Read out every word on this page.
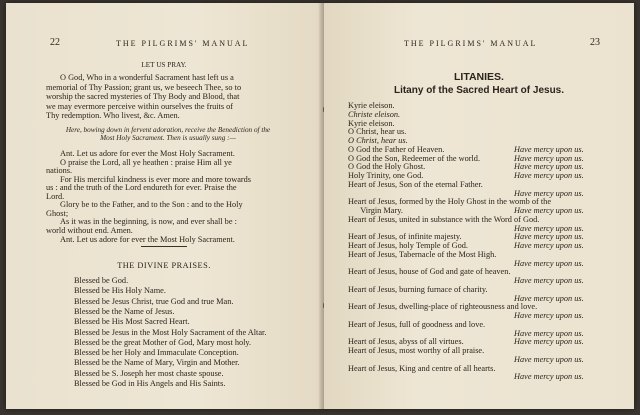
22	THE PILGRIMS' MANUAL
LET US PRAY.
O God, Who in a wonderful Sacrament hast left us a
memorial of Thy Passion; grant us, we beseech Thee, so to
worship the sacred mysteries of Thy Body and Blood, that
we may evermore perceive within ourselves the fruits of
Thy redemption. Who livest, &c. Amen.
Here, bowing down in fervent adoration, receive the Benediction of the
Most Holy Sacrament. Then is usually sung :—
Ant. Let us adore for ever the Most Holy Sacrament.
O praise the Lord, all ye heathen : praise Him all ye
nations.
For His merciful kindness is ever more and more towards
us : and the truth of the Lord endureth for ever. Praise the
Lord.
Glory be to the Father, and to the Son : and to the Holy
Ghost;
As it was in the beginning, is now, and ever shall be :
world without end. Amen.
Ant. Let us adore for ever the Most Holy Sacrament.
THE DIVINE PRAISES.
Blessed be God.
Blessed be His Holy Name.
Blessed be Jesus Christ, true God and true Man.
Blessed be the Name of Jesus.
Blessed be His Most Sacred Heart.
Blessed be Jesus in the Most Holy Sacrament of the Altar.
Blessed be the great Mother of God, Mary most holy.
Blessed be her Holy and Immaculate Conception.
Blessed be the Name of Mary, Virgin and Mother.
Blessed be S. Joseph her most chaste spouse.
Blessed be God in His Angels and His Saints.
THE PILGRIMS' MANUAL	23
LITANIES.
Litany of the Sacred Heart of Jesus.
Kyrie eleison.
Christe eleison.
Kyrie eleison.
O Christ, hear us.
O Christ, hear us.
O God the Father of Heaven.	Have mercy upon us.
O God the Son, Redeemer of the world.	Have mercy upon us.
O God the Holy Ghost.	Have mercy upon us.
Holy Trinity, one God.	Have mercy upon us.
Heart of Jesus, Son of the eternal Father.
Have mercy upon us.
Heart of Jesus, formed by the Holy Ghost in the womb of the
Virgin Mary.	Have mercy upon us.
Heart of Jesus, united in substance with the Word of God.
Have mercy upon us.
Heart of Jesus, of infinite majesty.	Have mercy upon us.
Heart of Jesus, holy Temple of God.	Have mercy upon us.
Heart of Jesus, Tabernacle of the Most High.
Have mercy upon us.
Heart of Jesus, house of God and gate of heaven.
Have mercy upon us.
Heart of Jesus, burning furnace of charity.
Have mercy upon us.
Heart of Jesus, dwelling-place of righteousness and love.
Have mercy upon us.
Heart of Jesus, full of goodness and love.
Have mercy upon us.
Heart of Jesus, abyss of all virtues.	Have mercy upon us.
Heart of Jesus, most worthy of all praise.
Have mercy upon us.
Heart of Jesus, King and centre of all hearts.
Have mercy upon us.
